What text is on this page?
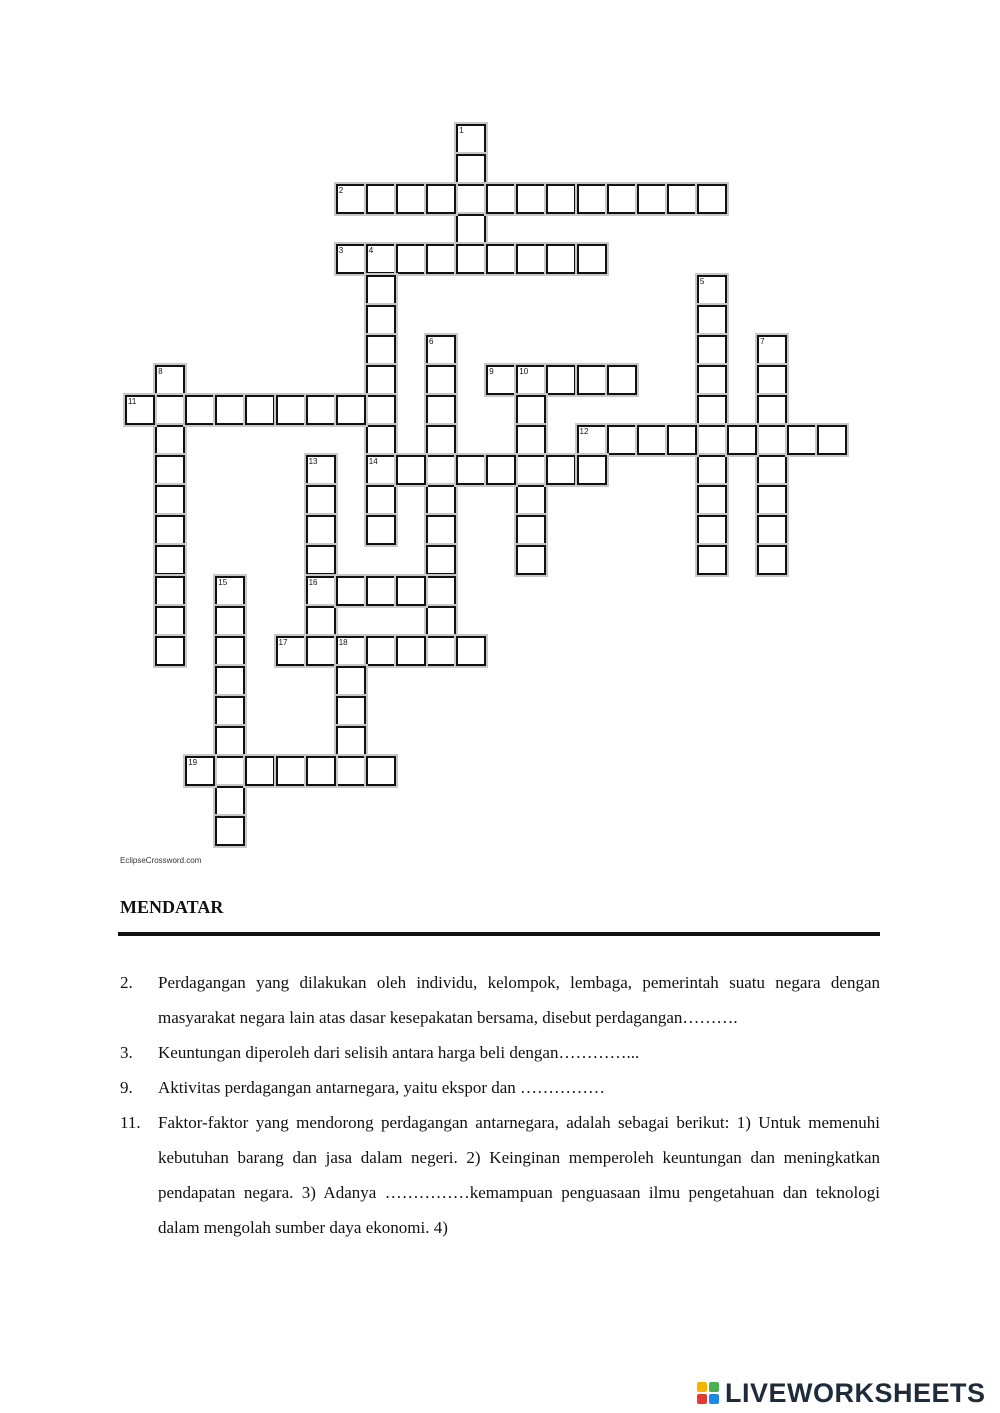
1
2
3	4
14
5
6	7
8	9	10
11
12
13
16
15
17	18
19
EclipseCrossword.com
MENDATAR
2.	Perdagangan yang dilakukan oleh individu, kelompok, lembaga, pemerintah suatu negara dengan masyarakat negara lain atas dasar kesepakatan bersama, disebut perdagangan……….
3.	Keuntungan diperoleh dari selisih antara harga beli dengan…………...
9.	Aktivitas perdagangan antarnegara, yaitu ekspor dan ……………
11.	Faktor-faktor yang mendorong perdagangan antarnegara, adalah sebagai berikut: 1) Untuk memenuhi kebutuhan barang dan jasa dalam negeri. 2) Keinginan memperoleh keuntungan dan meningkatkan pendapatan negara. 3) Adanya ……………kemampuan penguasaan ilmu pengetahuan dan teknologi dalam mengolah sumber daya ekonomi. 4)
LIVEWORKSHEETS
